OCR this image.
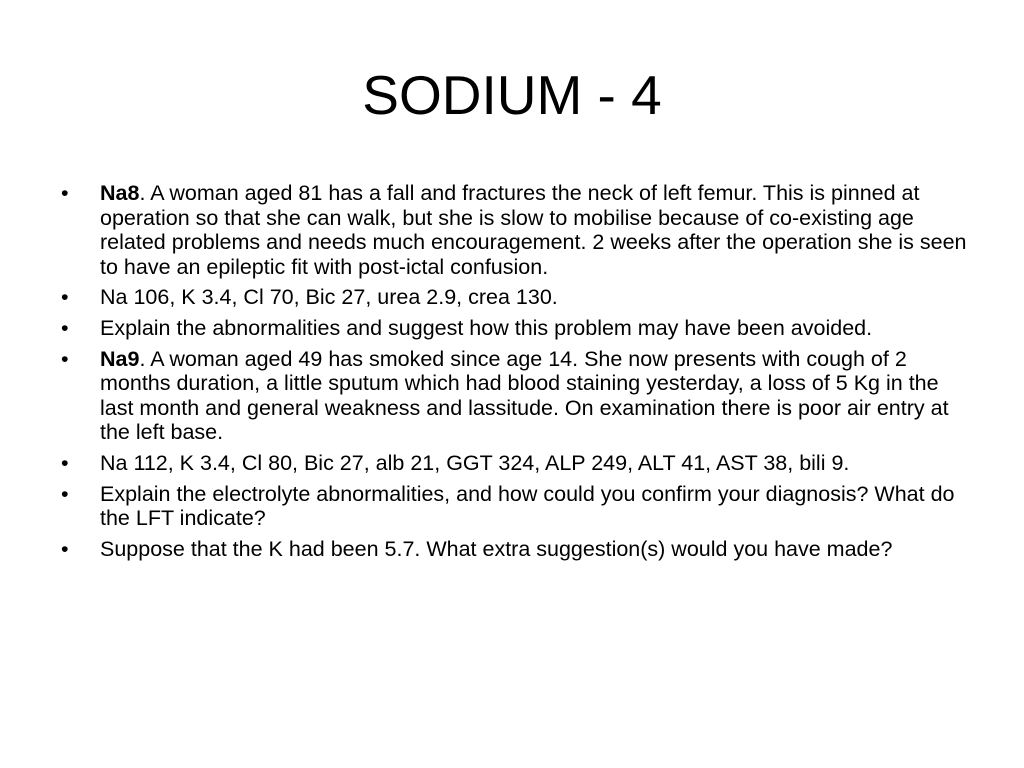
SODIUM - 4
• Na8. A woman aged 81 has a fall and fractures the neck of left femur. This is pinned at operation so that she can walk, but she is slow to mobilise because of co-existing age related problems and needs much encouragement. 2 weeks after the operation she is seen to have an epileptic fit with post-ictal confusion.
• Na 106, K 3.4, Cl 70, Bic 27, urea 2.9, crea 130.
• Explain the abnormalities and suggest how this problem may have been avoided.
• Na9. A woman aged 49 has smoked since age 14. She now presents with cough of 2 months duration, a little sputum which had blood staining yesterday, a loss of 5 Kg in the last month and general weakness and lassitude. On examination there is poor air entry at the left base.
• Na 112, K 3.4, Cl 80, Bic 27, alb 21, GGT 324, ALP 249, ALT 41, AST 38, bili 9.
• Explain the electrolyte abnormalities, and how could you confirm your diagnosis? What do the LFT indicate?
• Suppose that the K had been 5.7. What extra suggestion(s) would you have made?
